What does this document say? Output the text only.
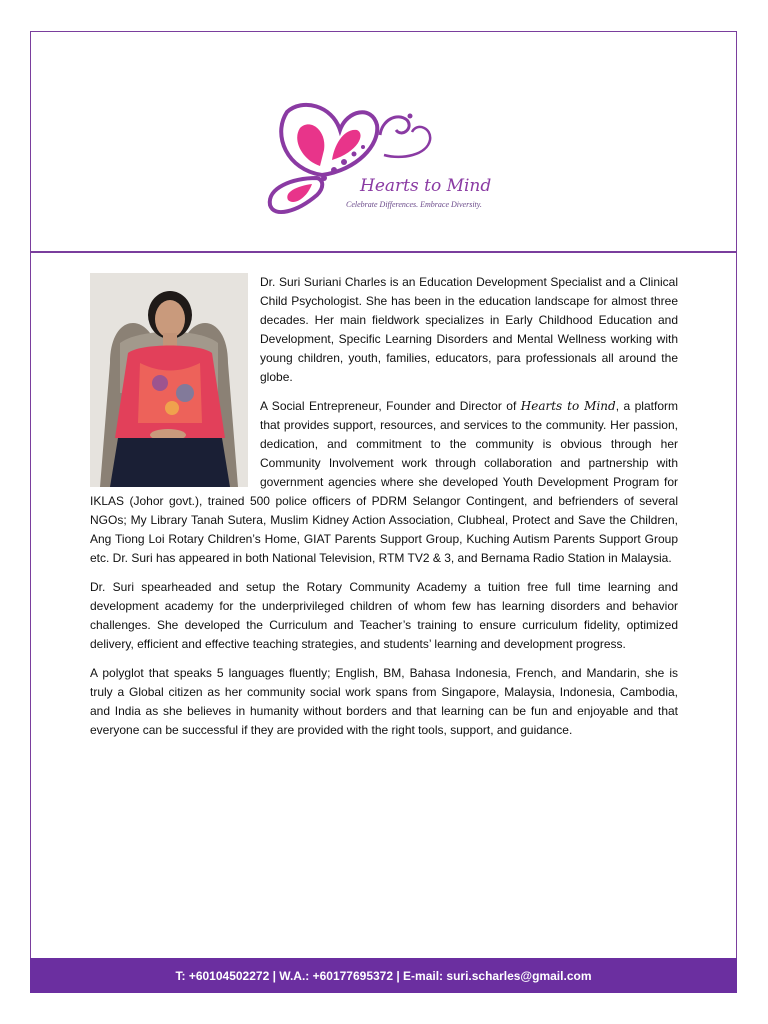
Hearts to Mind
Celebrate Differences. Embrace Diversity.

Dr. Suri Suriani Charles is an Education Development Specialist and a Clinical Child Psychologist. She has been in the education landscape for almost three decades. Her main fieldwork specializes in Early Childhood Education and Development, Specific Learning Disorders and Mental Wellness working with young children, youth, families, educators, para professionals all around the globe.

A Social Entrepreneur, Founder and Director of Hearts to Mind, a platform that provides support, resources, and services to the community. Her passion, dedication, and commitment to the community is obvious through her Community Involvement work through collaboration and partnership with government agencies where she developed Youth Development Program for IKLAS (Johor govt.), trained 500 police officers of PDRM Selangor Contingent, and befrienders of several NGOs; My Library Tanah Sutera, Muslim Kidney Action Association, Clubheal, Protect and Save the Children, Ang Tiong Loi Rotary Children’s Home, GIAT Parents Support Group, Kuching Autism Parents Support Group etc. Dr. Suri has appeared in both National Television, RTM TV2 & 3, and Bernama Radio Station in Malaysia.

Dr. Suri spearheaded and setup the Rotary Community Academy a tuition free full time learning and development academy for the underprivileged children of whom few has learning disorders and behavior challenges. She developed the Curriculum and Teacher’s training to ensure curriculum fidelity, optimized delivery, efficient and effective teaching strategies, and students’ learning and development progress.

A polyglot that speaks 5 languages fluently; English, BM, Bahasa Indonesia, French, and Mandarin, she is truly a Global citizen as her community social work spans from Singapore, Malaysia, Indonesia, Cambodia, and India as she believes in humanity without borders and that learning can be fun and enjoyable and that everyone can be successful if they are provided with the right tools, support, and guidance.

T: +60104502272 | W.A.: +60177695372 | E-mail: suri.scharles@gmail.com
